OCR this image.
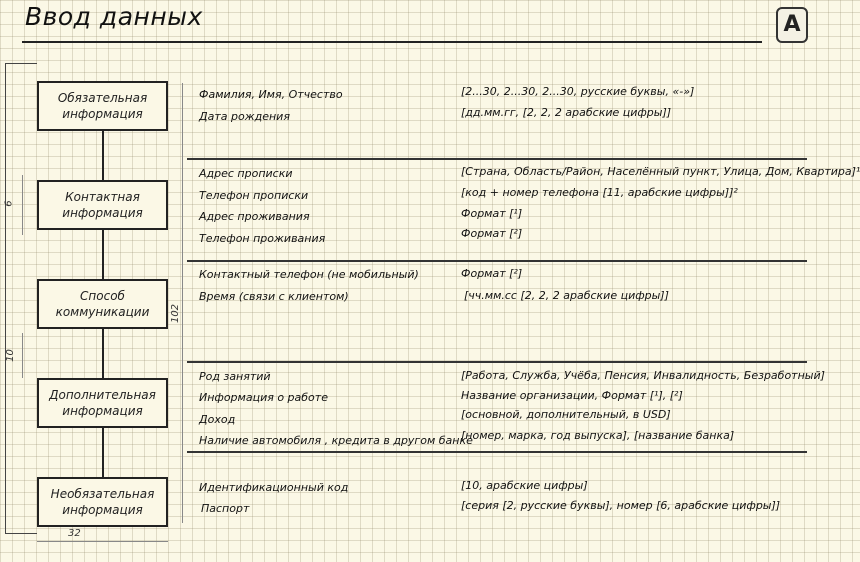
Ввод данных	A
Обязательная информация
Контактная информация
Способ коммуникации
Дополнительная информация
Необязательная информация
6
10
102
32
Фамилия, Имя, Отчество
Дата рождения
[2...30, 2...30, 2...30, русские буквы, «-»]
[дд.мм.гг, [2, 2, 2 арабские цифры]]
Адрес прописки
Телефон прописки
Адрес проживания
Телефон проживания
[Страна, Область/Район, Населённый пункт, Улица, Дом, Квартира]¹
[код + номер телефона [11, арабские цифры]]²
Формат [¹]
Формат [²]
Контактный телефон (не мобильный)
Время (связи с клиентом)
Формат [²]
[чч.мм.сс [2, 2, 2 арабские цифры]]
Род занятий
Информация о работе
Доход
Наличие автомобиля , кредита в другом банке
[Работа, Служба, Учёба, Пенсия, Инвалидность, Безработный]
Название организации, Формат [¹], [²]
[основной, дополнительный, в USD]
[номер, марка, год выпуска], [название банка]
Идентификационный код
Паспорт
[10, арабские цифры]
[серия [2, русские буквы], номер [6, арабские цифры]]
